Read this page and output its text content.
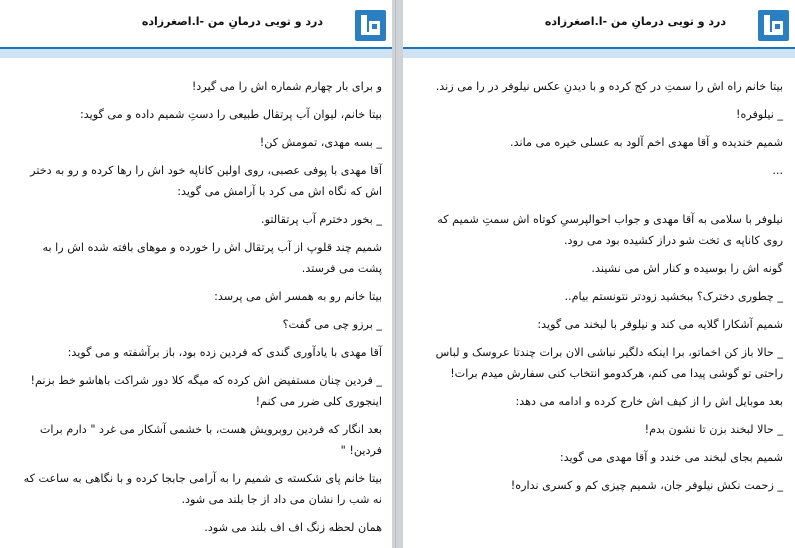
درد و تویی درمانِ من -ا.اصغرزاده

و برای بار چهارم شماره اش را می گیرد!

بیتا خانم، لیوان آب پرتقال طبیعی را دستِ شمیم داده و می گوید:

_ بسه مهدی، تمومش کن!

آقا مهدی با پوفی عصبی، روی اولین کاناپه خود اش را رها کرده و رو به دختر اش که نگاه اش می کرد با آرامش می گوید:

_ بخور دخترم آب پرتقالتو.

شمیم چند قلوپ از آب پرتقال اش را خورده و موهای بافته شده اش را به پشت می فرستد.

بیتا خانم رو به همسر اش می پرسد:

_ برزو چی می گفت؟

آقا مهدی با یادآوری گندی که فردین زده بود، باز برآشفته و می گوید:

_ فردین چنان مستفیض اش کرده که میگه کلا دور شراکت باهاشو خط بزنم! اینجوری کلی ضرر می کنم!

بعد انگار که فردین روبرویش هست، با خشمی آشکار می غرد " دارم برات فردین! "

بیتا خانم پای شکسته ی شمیم را به آرامی جابجا کرده و با نگاهی به ساعت که نه شب را نشان می داد از جا بلند می شود.

همان لحظه زنگ اف اف بلند می شود.

درد و تویی درمانِ من -ا.اصغرزاده

بیتا خانم راه اش را سمتِ در کج کرده و با دیدنِ عکس نیلوفر در را می زند.

_ نیلوفره!

شمیم خندیده و آقا مهدی اخم آلود به عسلی خیره می ماند.

...

نیلوفر با سلامی به آقا مهدی و جواب احوالپرسیِ کوتاه اش سمتِ شمیم که روی کاناپه ی تخت شو دراز کشیده بود می رود.

گونه اش را بوسیده و کنار اش می نشیند.

_ چطوری دخترک؟ ببخشید زودتر نتونستم بیام..

شمیم آشکارا گلایه می کند و نیلوفر با لبخند می گوید:

_ حالا باز کن اخماتو، برا اینکه دلگیر نباشی الان برات چندتا عروسک و لباس راحتی تو گوشی پیدا می کنم، هرکدومو انتخاب کنی سفارش میدم برات!

بعد موبایل اش را از کیف اش خارج کرده و ادامه می دهد:

_ حالا لبخند بزن تا نشون بدم!

شمیم بجای لبخند می خندد و آقا مهدی می گوید:

_ زحمت نکش نیلوفر جان، شمیم چیزی کم و کسری نداره!
